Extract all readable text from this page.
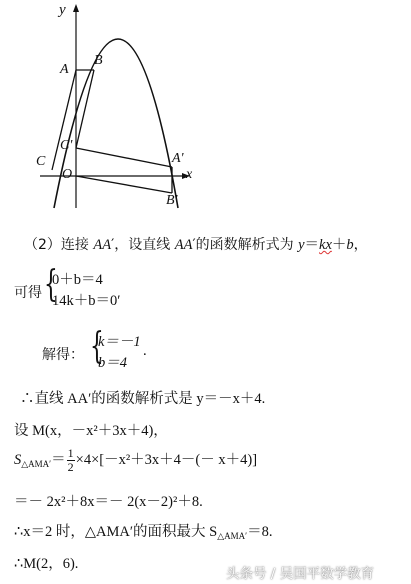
y
x
O
A
B
C
C'
A'
B'
（2）连接 AA′，设直线 AA′的函数解析式为 y＝kx＋b，
可得 {
0＋b＝4
14k＋b＝0′
解得： {
k＝－1
b＝4
.
∴直线 AA′的函数解析式是 y＝－x＋4.
设 M(x，－x²＋3x＋4)，
$S_{\triangle AMA'}= \frac{1}{2} \times 4\times[-x^2+3x+4-(- x+4)]$
＝－ 2x²＋8x＝－ 2(x－2)²＋8.
∴x＝2 时，△AMA′的面积最大 $S_{\triangle AMA'}=8$.
∴M(2，6).
头条号 / 吴国平数学教育
